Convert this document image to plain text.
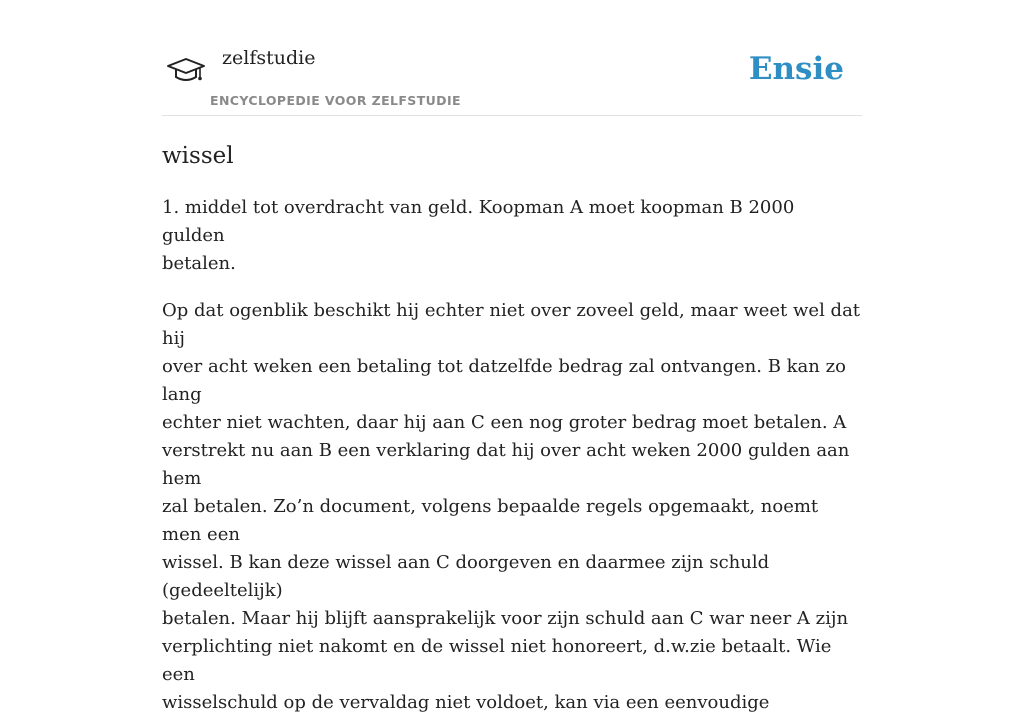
zelfstudie
ENCYCLOPEDIE VOOR ZELFSTUDIE
Ensie
wissel

1. middel tot overdracht van geld. Koopman A moet koopman B 2000 gulden
betalen.

Op dat ogenblik beschikt hij echter niet over zoveel geld, maar weet wel dat hij
over acht weken een betaling tot datzelfde bedrag zal ontvangen. B kan zo lang
echter niet wachten, daar hij aan C een nog groter bedrag moet betalen. A
verstrekt nu aan B een verklaring dat hij over acht weken 2000 gulden aan hem
zal betalen. Zo’n document, volgens bepaalde regels opgemaakt, noemt men een
wissel. B kan deze wissel aan C doorgeven en daarmee zijn schuld (gedeeltelijk)
betalen. Maar hij blijft aansprakelijk voor zijn schuld aan C war neer A zijn
verplichting niet nakomt en de wissel niet honoreert, d.w.zie betaalt. Wie een
wisselschuld op de vervaldag niet voldoet, kan via een eenvoudige
